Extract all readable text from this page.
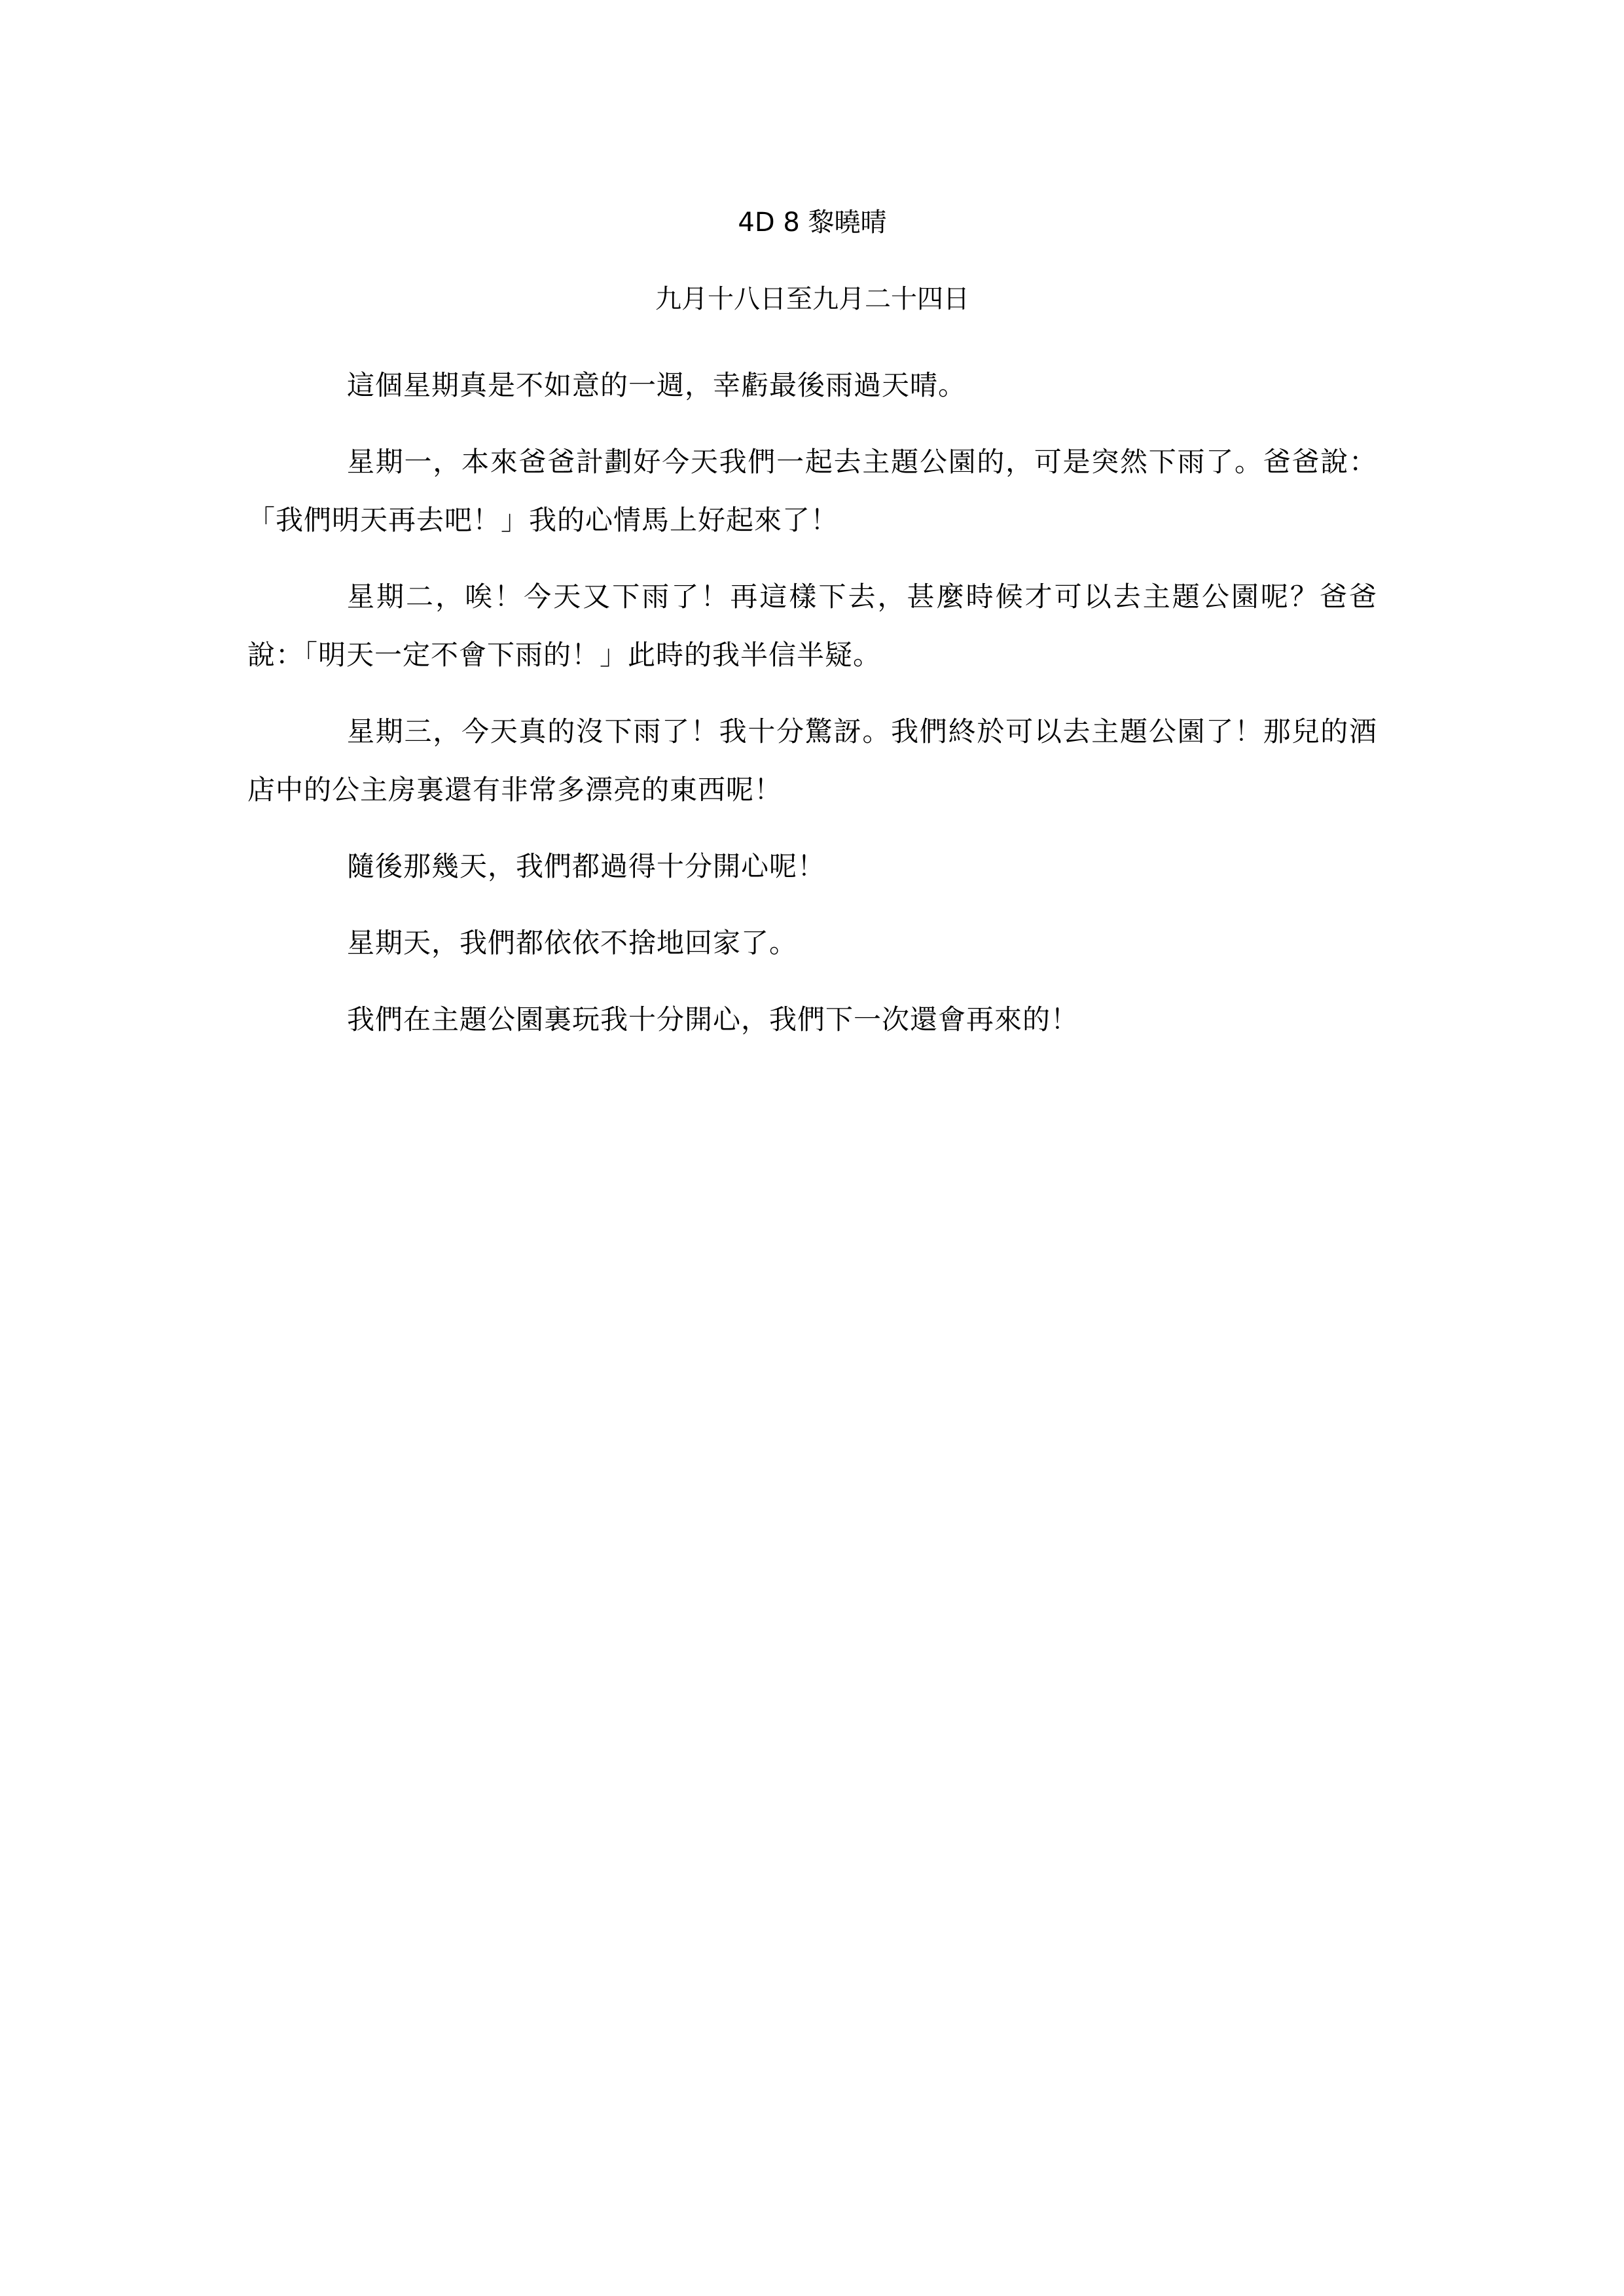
4D 8 黎曉晴

九月十八日至九月二十四日

這個星期真是不如意的一週，幸虧最後雨過天晴。

星期一，本來爸爸計劃好今天我們一起去主題公園的，可是突然下雨了。爸爸說：「我們明天再去吧！」我的心情馬上好起來了！

星期二，唉！今天又下雨了！再這樣下去，甚麼時候才可以去主題公園呢？爸爸說：「明天一定不會下雨的！」此時的我半信半疑。

星期三，今天真的沒下雨了！我十分驚訝。我們終於可以去主題公園了！那兒的酒店中的公主房裏還有非常多漂亮的東西呢！

隨後那幾天，我們都過得十分開心呢！

星期天，我們都依依不捨地回家了。

我們在主題公園裏玩我十分開心，我們下一次還會再來的！
